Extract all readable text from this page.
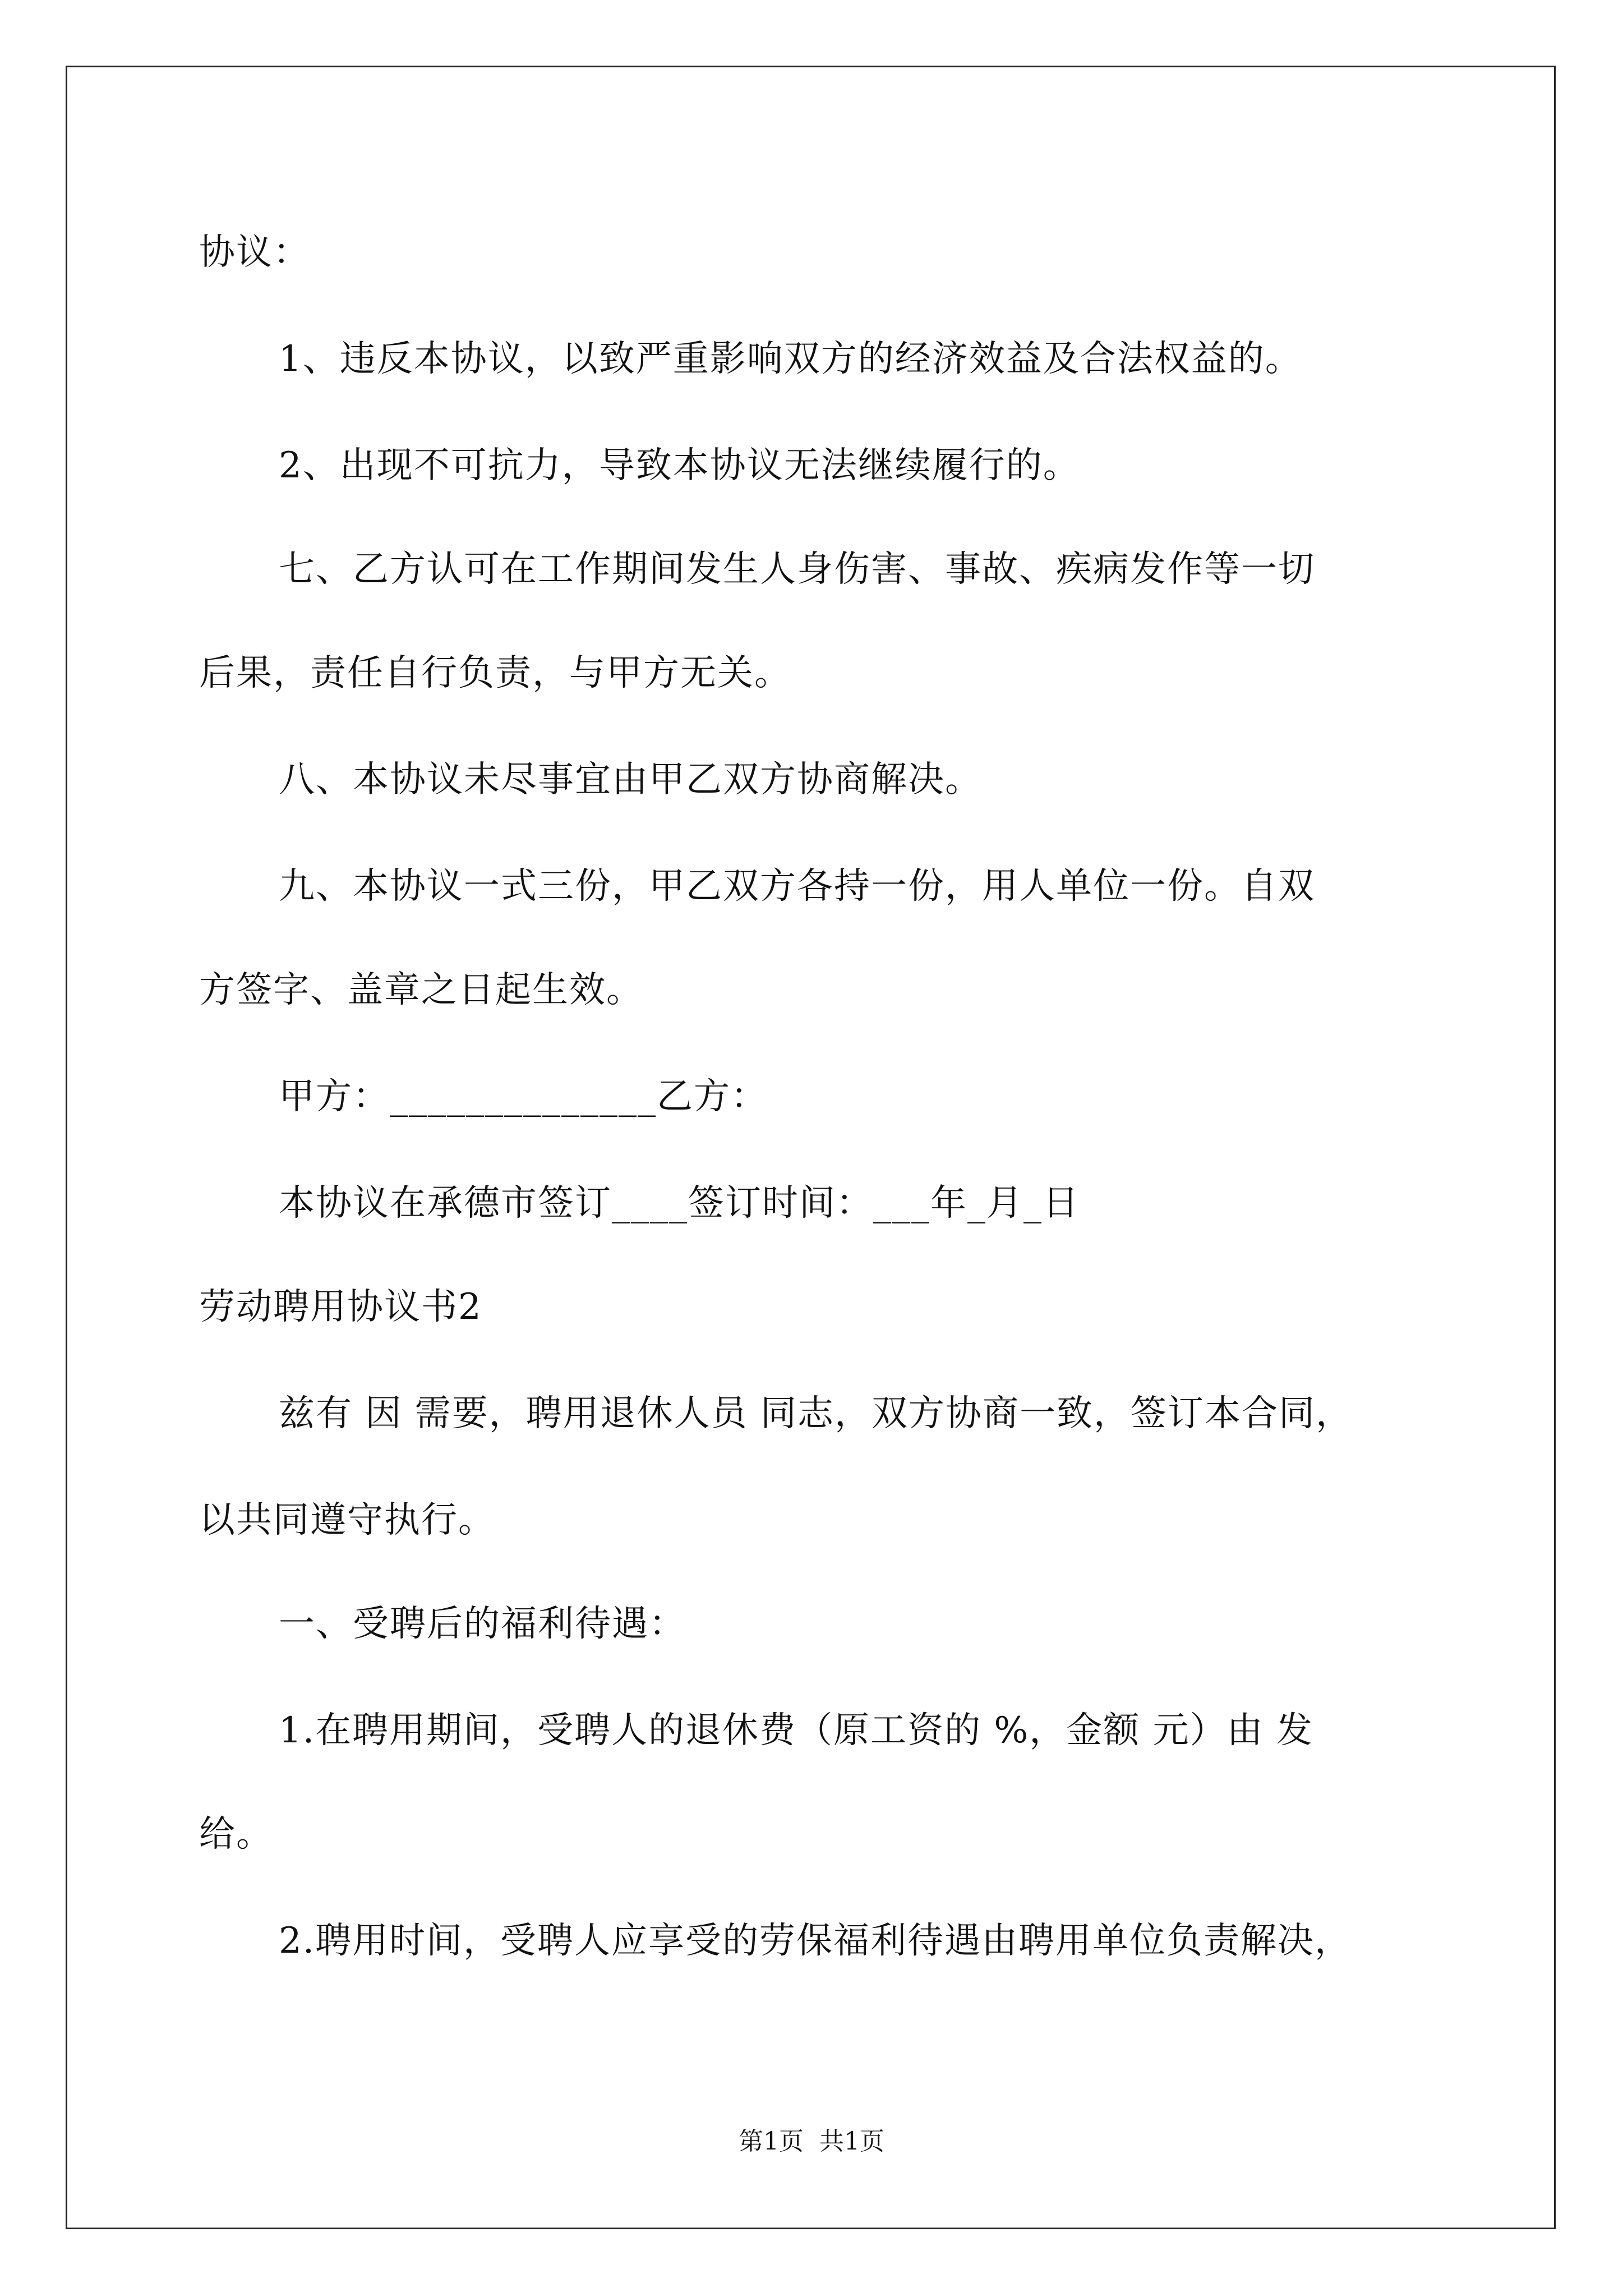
协议：
1、违反本协议，以致严重影响双方的经济效益及合法权益的。
2、出现不可抗力，导致本协议无法继续履行的。
七、乙方认可在工作期间发生人身伤害、事故、疾病发作等一切
后果，责任自行负责，与甲方无关。
八、本协议未尽事宜由甲乙双方协商解决。
九、本协议一式三份，甲乙双方各持一份，用人单位一份。自双
方签字、盖章之日起生效。
甲方：______________乙方：
本协议在承德市签订____签订时间：___年_月_日
劳动聘用协议书2
兹有 因 需要，聘用退休人员 同志，双方协商一致，签订本合同，
以共同遵守执行。
一、受聘后的福利待遇：
1.在聘用期间，受聘人的退休费（原工资的 %，金额 元）由 发
给。
2.聘用时间，受聘人应享受的劳保福利待遇由聘用单位负责解决，
第1页  共1页
